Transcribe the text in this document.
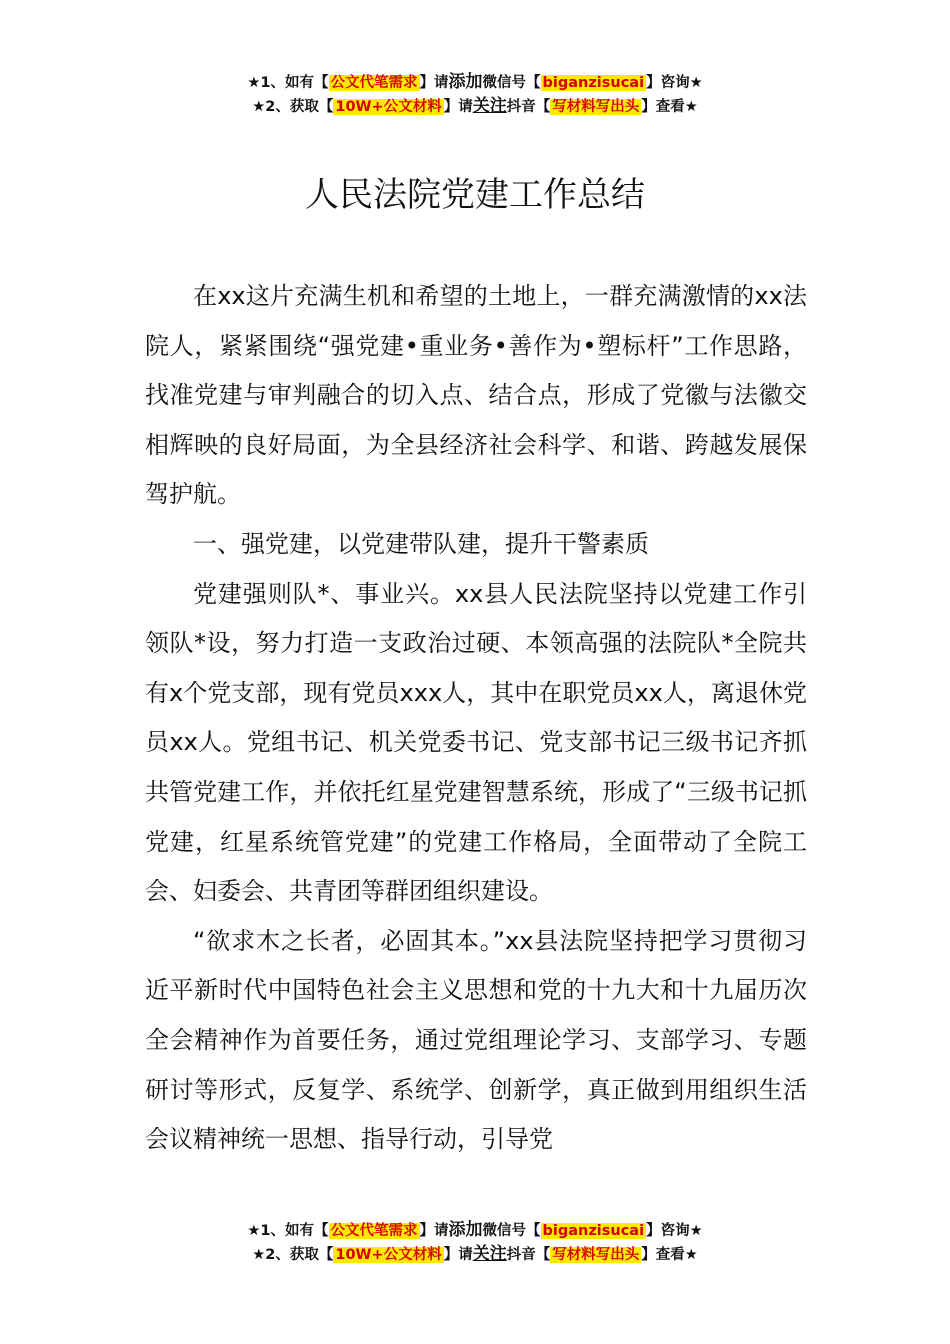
★1、如有【 公文代笔需求 】请添加微信号【 biganzisucai 】咨询★
★2、获取【 10W+公文材料 】请关注抖音【 写材料写出头 】查看★
人民法院党建工作总结

在xx这片充满生机和希望的土地上，一群充满激情的xx法院人，紧紧围绕“强党建•重业务•善作为•塑标杆”工作思路，找准党建与审判融合的切入点、结合点，形成了党徽与法徽交相辉映的良好局面，为全县经济社会科学、和谐、跨越发展保驾护航。

一、强党建，以党建带队建，提升干警素质

党建强则队*、事业兴。xx县人民法院坚持以党建工作引领队*设，努力打造一支政治过硬、本领高强的法院队*全院共有x个党支部，现有党员xxx人，其中在职党员xx人，离退休党员xx人。党组书记、机关党委书记、党支部书记三级书记齐抓共管党建工作，并依托红星党建智慧系统，形成了“三级书记抓党建，红星系统管党建”的党建工作格局，全面带动了全院工会、妇委会、共青团等群团组织建设。

“欲求木之长者，必固其本。”xx县法院坚持把学习贯彻习近平新时代中国特色社会主义思想和党的十九大和十九届历次全会精神作为首要任务，通过党组理论学习、支部学习、专题研讨等形式，反复学、系统学、创新学，真正做到用组织生活会议精神统一思想、指导行动，引导党

★1、如有【 公文代笔需求 】请添加微信号【 biganzisucai 】咨询★
★2、获取【 10W+公文材料 】请关注抖音【 写材料写出头 】查看★
